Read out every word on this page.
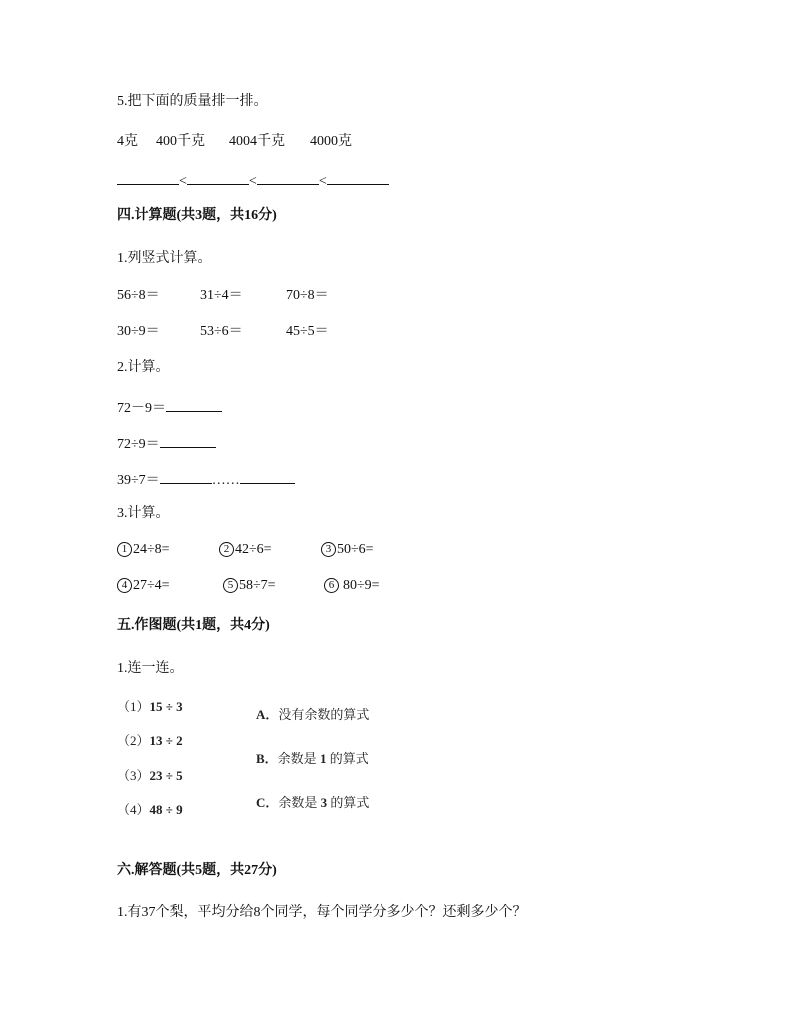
5.把下面的质量排一排。
4克 400千克 4004千克 4000克
<	<	<
四.计算题(共3题，共16分)
1.列竖式计算。
56÷8＝	31÷4＝	70÷8＝
30÷9＝	53÷6＝	45÷5＝
2.计算。
72－9＝
72÷9＝
39÷7＝	……
3.计算。
1 24÷8=	2 42÷6=	3 50÷6=
4 27÷4=	5 58÷7=	6 80÷9=
五.作图题(共1题，共4分)
1.连一连。
（1）15 ÷ 3
（2）13 ÷ 2
（3）23 ÷ 5
（4）48 ÷ 9
A．没有余数的算式
B．余数是 1 的算式
C．余数是 3 的算式
六.解答题(共5题，共27分)
1.有37个梨，平均分给8个同学，每个同学分多少个？还剩多少个？
